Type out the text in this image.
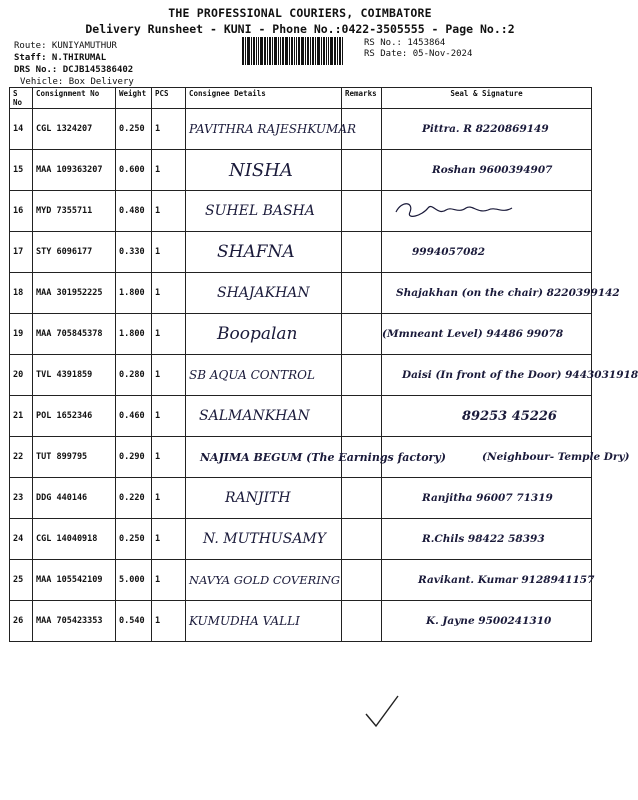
THE PROFESSIONAL COURIERS, COIMBATORE
Delivery Runsheet - KUNI - Phone No.:0422-3505555 - Page No.:2
Route: KUNIYAMUTHUR
Staff: N.THIRUMAL
DRS No.: DCJB145386402
Vehicle: Box Delivery
RS No.: 1453864
RS Date: 05-Nov-2024
S No	Consignment No	Weight	PCS	Consignee Details	Remarks	Seal & Signature
14	CGL 1324207	0.250	1	PAVITHRA RAJESHKUMAR		Pittra. R 8220869149
15	MAA 109363207	0.600	1	NISHA		Roshan 9600394907
16	MYD 7355711	0.480	1	SUHEL BASHA		
17	STY 6096177	0.330	1	SHAFNA		9994057082
18	MAA 301952225	1.800	1	SHAJAKHAN		Shajakhan (on the chair) 8220399142
19	MAA 705845378	1.800	1	Boopalan		(Mmneant Level) 94486 99078
20	TVL 4391859	0.280	1	SB AQUA CONTROL		Daisi (In front of the Door) 9443031918
21	POL 1652346	0.460	1	SALMANKHAN		89253 45226
22	TUT 899795	0.290	1	NAJIMA BEGUM (The Earnings factory)		(Neighbour- Temple Dry)
23	DDG 440146	0.220	1	RANJITH		Ranjitha 96007 71319
24	CGL 14040918	0.250	1	N. MUTHUSAMY		R.Chils 98422 58393
25	MAA 105542109	5.000	1	NAVYA GOLD COVERING		Ravikant. Kumar 9128941157
26	MAA 705423353	0.540	1	KUMUDHA VALLI		K. Jayne 9500241310
